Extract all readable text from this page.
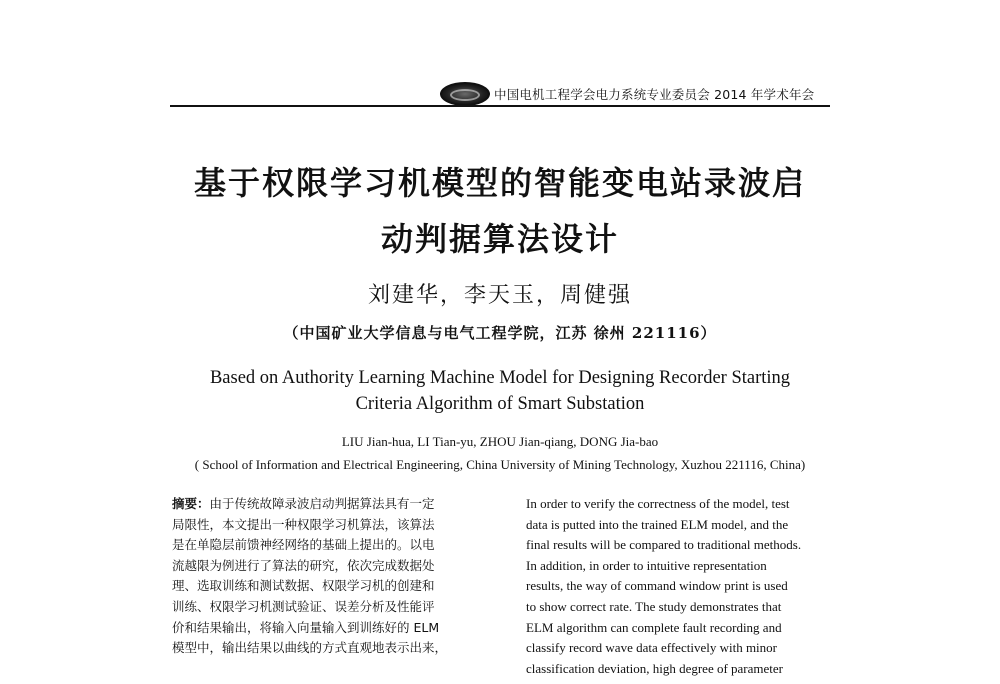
中国电机工程学会电力系统专业委员会 2014 年学术年会
基于权限学习机模型的智能变电站录波启
动判据算法设计
刘建华，李天玉，周健强
（中国矿业大学信息与电气工程学院，江苏 徐州 221116）
Based on Authority Learning Machine Model for Designing Recorder Starting
Criteria Algorithm of Smart Substation
LIU Jian-hua, LI Tian-yu, ZHOU Jian-qiang, DONG Jia-bao
( School of Information and Electrical Engineering, China University of Mining Technology, Xuzhou 221116, China)
摘要：由于传统故障录波启动判据算法具有一定
局限性，本文提出一种权限学习机算法，该算法
是在单隐层前馈神经网络的基础上提出的。以电
流越限为例进行了算法的研究，依次完成数据处
理、选取训练和测试数据、权限学习机的创建和
训练、权限学习机测试验证、误差分析及性能评
价和结果输出，将输入向量输入到训练好的 ELM
模型中，输出结果以曲线的方式直观地表示出来，
In order to verify the correctness of the model, test
data is putted into the trained ELM model, and the
final results will be compared to traditional methods.
In addition, in order to intuitive representation
results, the way of command window print is used
to show correct rate. The study demonstrates that
ELM algorithm can complete fault recording and
classify record wave data effectively with minor
classification deviation, high degree of parameter
